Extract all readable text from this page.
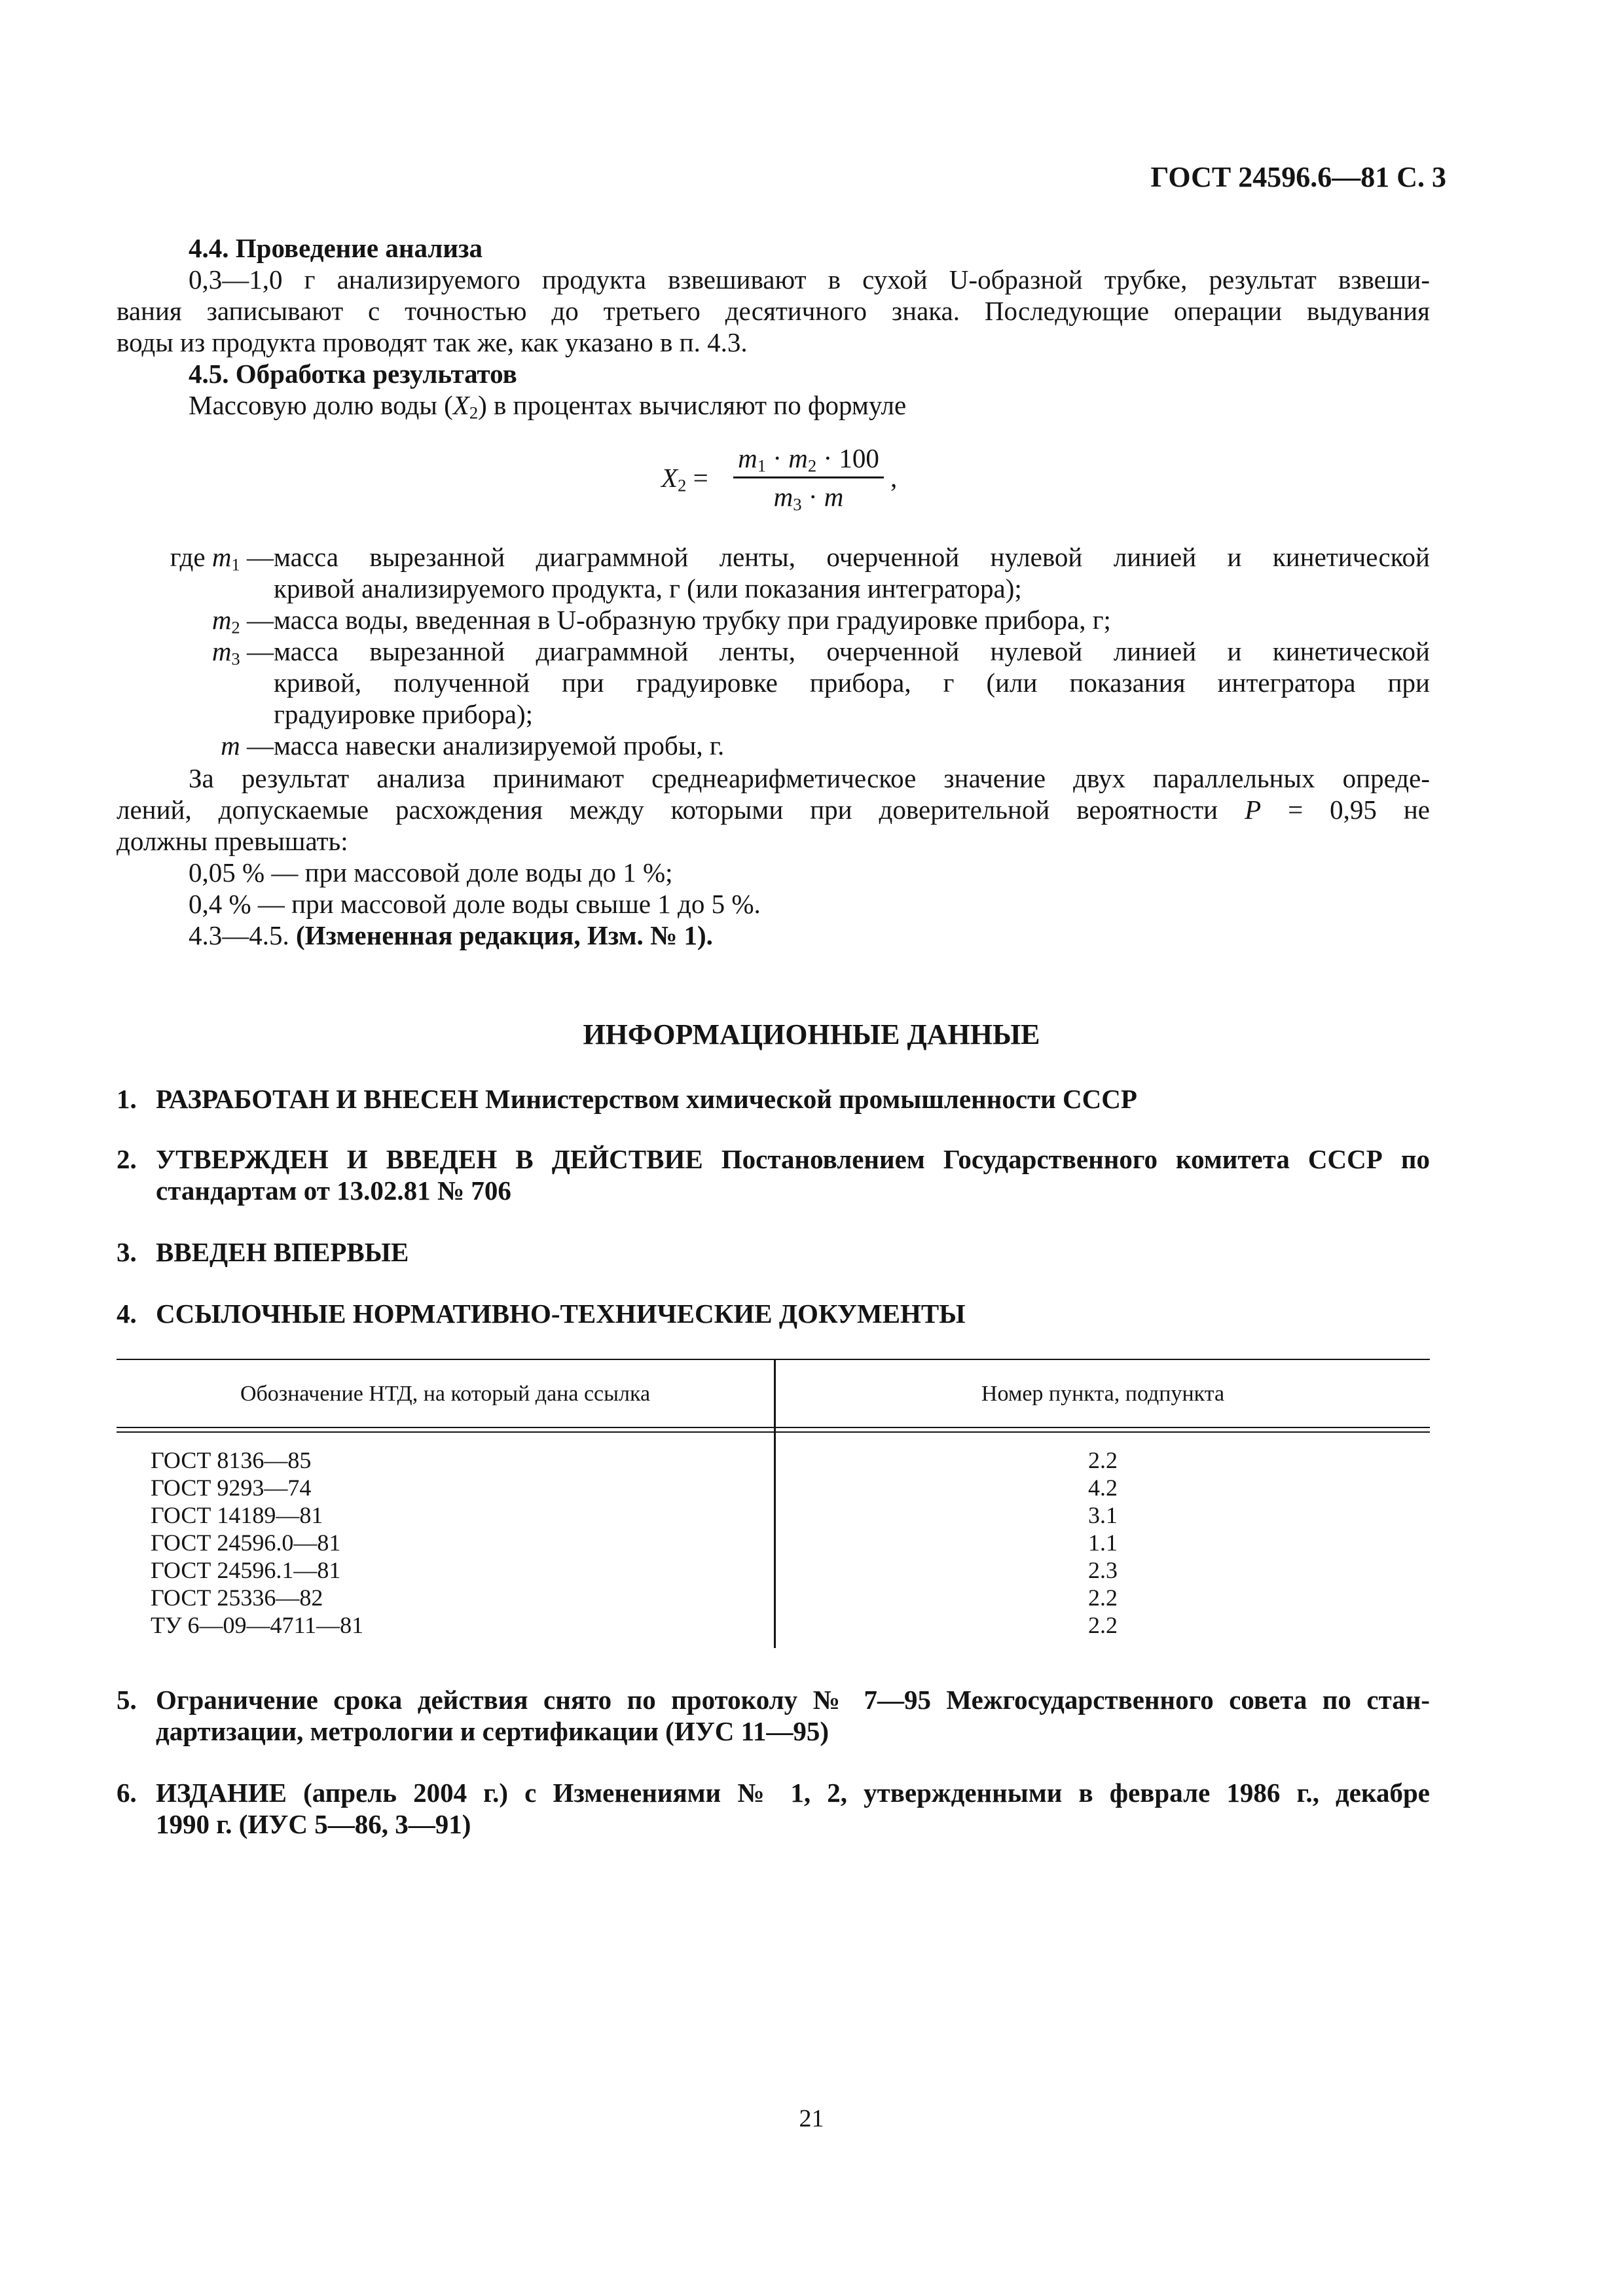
ГОСТ 24596.6—81 С. 3
4.4. Проведение анализа
0,3—1,0 г анализируемого продукта взвешивают в сухой U-образной трубке, результат взвеши-
вания записывают с точностью до третьего десятичного знака. Последующие операции выдувания
воды из продукта проводят так же, как указано в п. 4.3.
4.5. Обработка результатов
Массовую долю воды $(X_2)$ в процентах вычисляют по формуле
$X_2$ =
$m_1 \cdot m_2 \cdot 100$
$m_3 \cdot m$
,
где $m_1$ — масса вырезанной диаграммной ленты, очерченной нулевой линией и кинетической
кривой анализируемого продукта, г (или показания интегратора);
$m_2$ — масса воды, введенная в U-образную трубку при градуировке прибора, г;
$m_3$ — масса вырезанной диаграммной ленты, очерченной нулевой линией и кинетической
кривой, полученной при градуировке прибора, г (или показания интегратора при
градуировке прибора);
m — масса навески анализируемой пробы, г.
За результат анализа принимают среднеарифметическое значение двух параллельных опреде-
лений, допускаемые расхождения между которыми при доверительной вероятности P = 0,95 не
должны превышать:
0,05 % — при массовой доле воды до 1 %;
0,4 % — при массовой доле воды свыше 1 до 5 %.
4.3—4.5. (Измененная редакция, Изм. № 1).
ИНФОРМАЦИОННЫЕ ДАННЫЕ
1. РАЗРАБОТАН И ВНЕСЕН Министерством химической промышленности СССР
2. УТВЕРЖДЕН И ВВЕДЕН В ДЕЙСТВИЕ Постановлением Государственного комитета СССР по
стандартам от 13.02.81 № 706
3. ВВЕДЕН ВПЕРВЫЕ
4. ССЫЛОЧНЫЕ НОРМАТИВНО-ТЕХНИЧЕСКИЕ ДОКУМЕНТЫ
Обозначение НТД, на который дана ссылка	Номер пункта, подпункта
ГОСТ 8136—85
ГОСТ 9293—74
ГОСТ 14189—81
ГОСТ 24596.0—81
ГОСТ 24596.1—81
ГОСТ 25336—82
ТУ 6—09—4711—81
2.2
4.2
3.1
1.1
2.3
2.2
2.2
5. Ограничение срока действия снято по протоколу № 7—95 Межгосударственного совета по стан-
дартизации, метрологии и сертификации (ИУС 11—95)
6. ИЗДАНИЕ (апрель 2004 г.) с Изменениями № 1, 2, утвержденными в феврале 1986 г., декабре
1990 г. (ИУС 5—86, 3—91)
21
